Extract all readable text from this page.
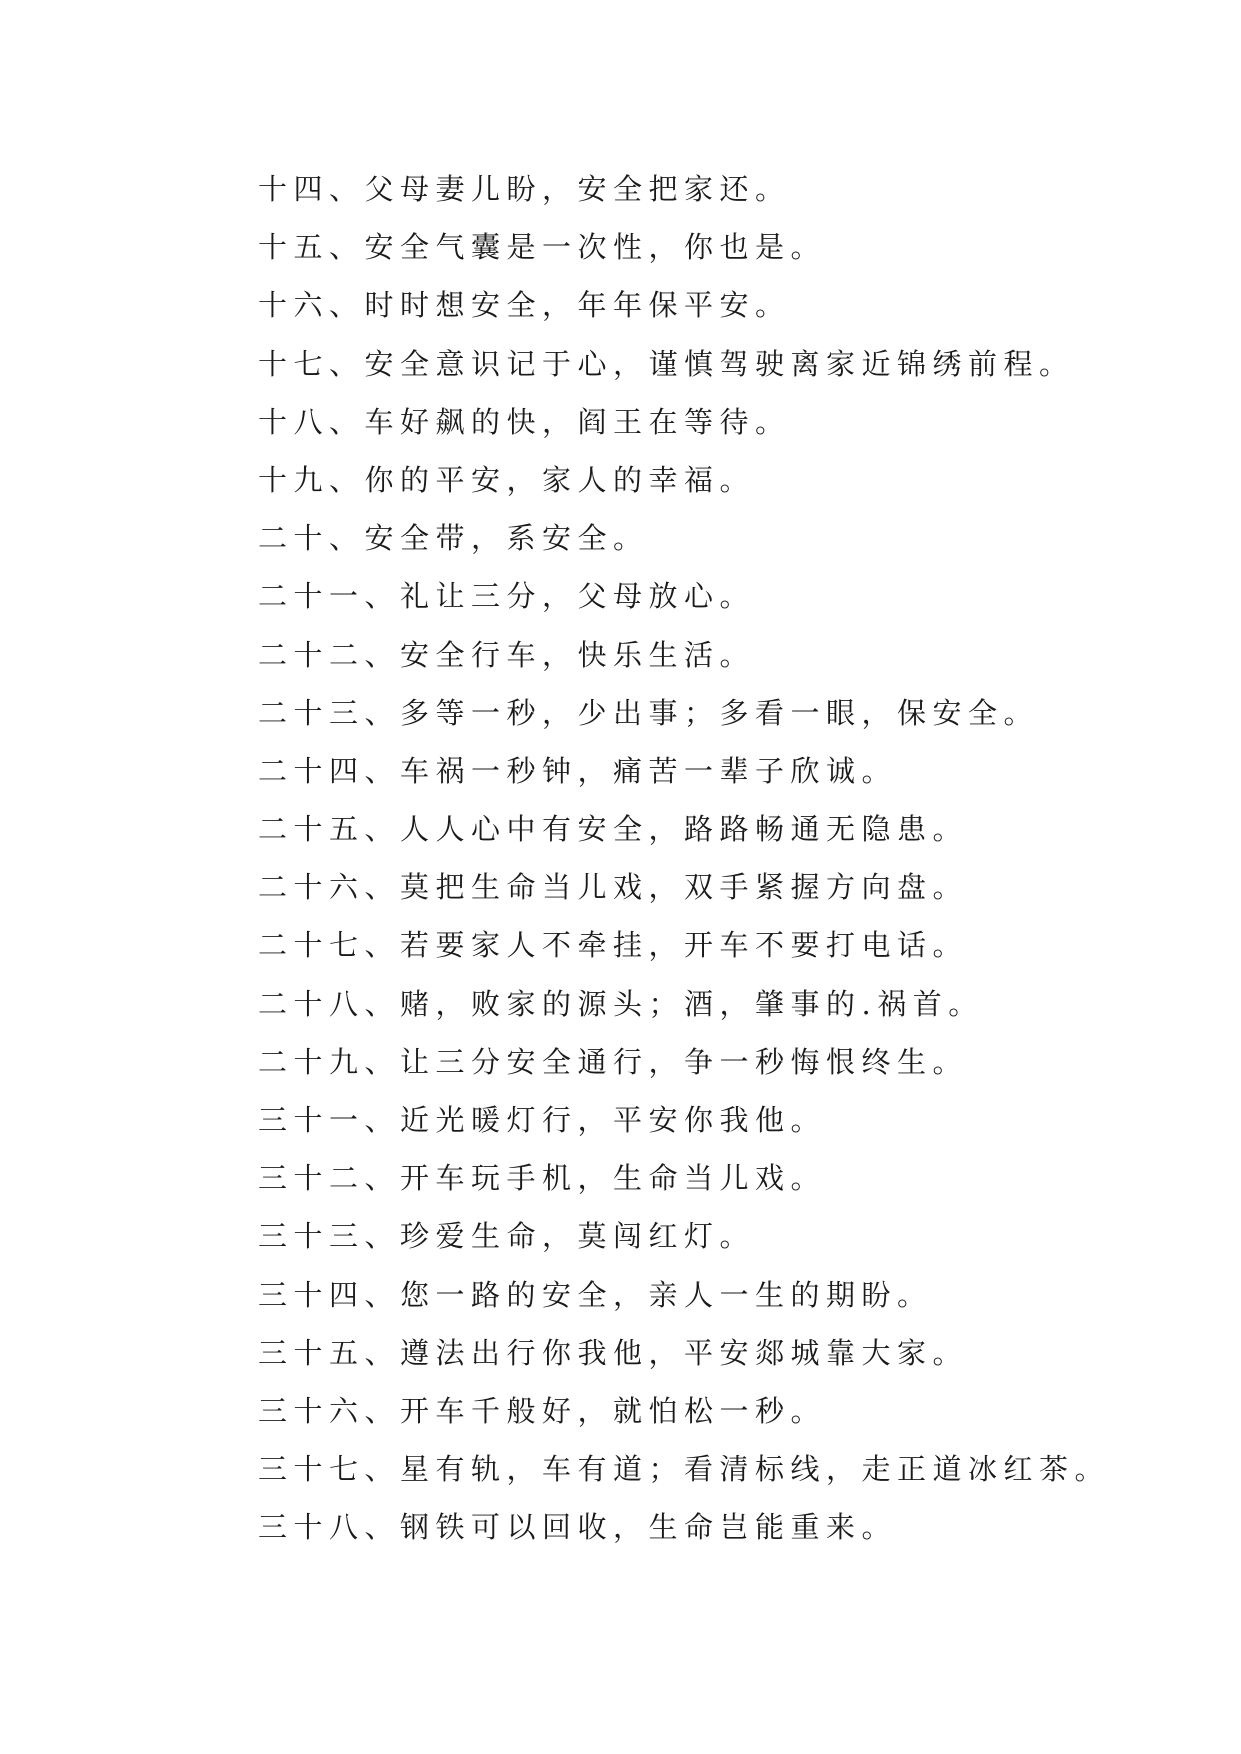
十四、父母妻儿盼，安全把家还。
十五、安全气囊是一次性，你也是。
十六、时时想安全，年年保平安。
十七、安全意识记于心，谨慎驾驶离家近锦绣前程。
十八、车好飙的快，阎王在等待。
十九、你的平安，家人的幸福。
二十、安全带，系安全。
二十一、礼让三分，父母放心。
二十二、安全行车，快乐生活。
二十三、多等一秒，少出事；多看一眼，保安全。
二十四、车祸一秒钟，痛苦一辈子欣诚。
二十五、人人心中有安全，路路畅通无隐患。
二十六、莫把生命当儿戏，双手紧握方向盘。
二十七、若要家人不牵挂，开车不要打电话。
二十八、赌，败家的源头；酒，肇事的.祸首。
二十九、让三分安全通行，争一秒悔恨终生。
三十一、近光暖灯行，平安你我他。
三十二、开车玩手机，生命当儿戏。
三十三、珍爱生命，莫闯红灯。
三十四、您一路的安全，亲人一生的期盼。
三十五、遵法出行你我他，平安郯城靠大家。
三十六、开车千般好，就怕松一秒。
三十七、星有轨，车有道；看清标线，走正道冰红茶。
三十八、钢铁可以回收，生命岂能重来。
